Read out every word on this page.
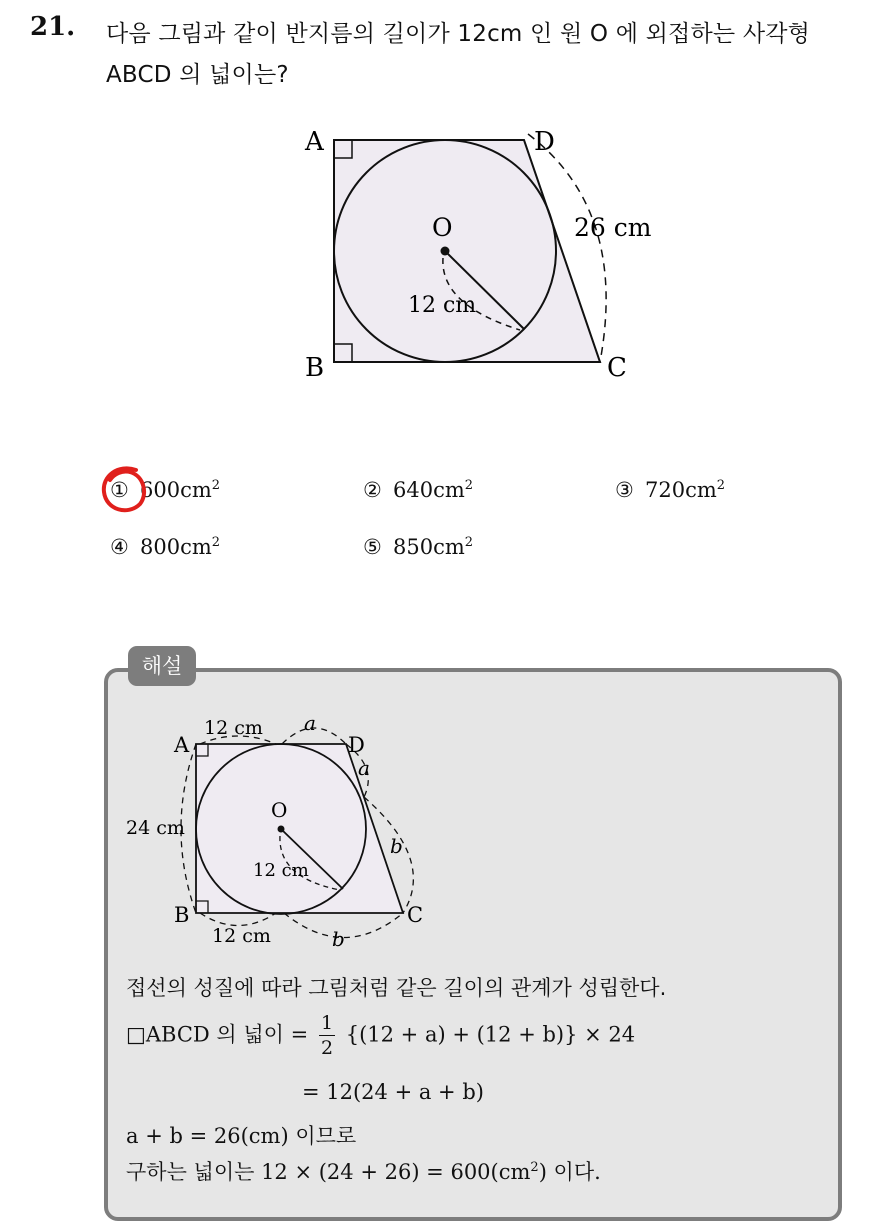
21. 다음 그림과 같이 반지름의 길이가 12cm 인 원 O 에 외접하는 사각형
ABCD 의 넓이는?
A
B	C
D
O	26 cm
12 cm
① $600cm^2$	② $640cm^2$	③ $720cm^2$
④ $800cm^2$	⑤ $850cm^2$
해설
A
B	C
D
O
12 cm a
a
24 cm
b
12 cm
12 cm	b
접선의 성질에 따라 그림처럼 같은 길이의 관계가 성립한다.
□ABCD 의 넓이 = $\frac{1}{2} \{(12 + a) + (12 + b)\} \times 24$
= 12(24 + a + b)
a + b = 26(cm) 이므로
구하는 넓이는 $12 \times (24 + 26) = 600(cm^2)$ 이다.
